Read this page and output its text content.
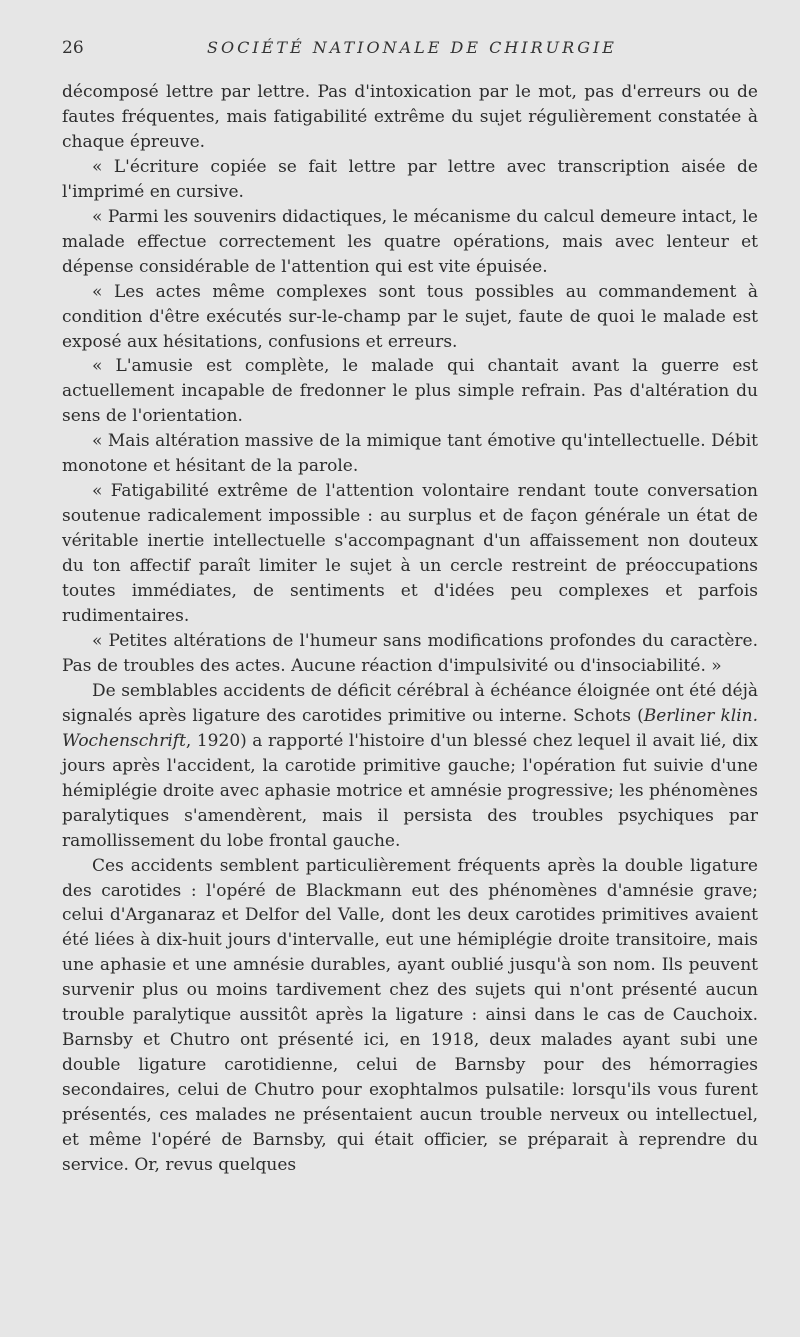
26	SOCIÉTÉ NATIONALE DE CHIRURGIE

décomposé lettre par lettre. Pas d'intoxication par le mot, pas d'erreurs ou de fautes fréquentes, mais fatigabilité extrême du sujet régulièrement constatée à chaque épreuve.

« L'écriture copiée se fait lettre par lettre avec transcription aisée de l'imprimé en cursive.

« Parmi les souvenirs didactiques, le mécanisme du calcul demeure intact, le malade effectue correctement les quatre opérations, mais avec lenteur et dépense considérable de l'attention qui est vite épuisée.

« Les actes même complexes sont tous possibles au commandement à condition d'être exécutés sur-le-champ par le sujet, faute de quoi le malade est exposé aux hésitations, confusions et erreurs.

« L'amusie est complète, le malade qui chantait avant la guerre est actuellement incapable de fredonner le plus simple refrain. Pas d'altération du sens de l'orientation.

« Mais altération massive de la mimique tant émotive qu'intellectuelle. Débit monotone et hésitant de la parole.

« Fatigabilité extrême de l'attention volontaire rendant toute conversation soutenue radicalement impossible : au surplus et de façon générale un état de véritable inertie intellectuelle s'accompagnant d'un affaissement non douteux du ton affectif paraît limiter le sujet à un cercle restreint de préoccupations toutes immédiates, de sentiments et d'idées peu complexes et parfois rudimentaires.

« Petites altérations de l'humeur sans modifications profondes du caractère. Pas de troubles des actes. Aucune réaction d'impulsivité ou d'insociabilité. »

De semblables accidents de déficit cérébral à échéance éloignée ont été déjà signalés après ligature des carotides primitive ou interne. Schots (Berliner klin. Wochenschrift, 1920) a rapporté l'histoire d'un blessé chez lequel il avait lié, dix jours après l'accident, la carotide primitive gauche; l'opération fut suivie d'une hémiplégie droite avec aphasie motrice et amnésie progressive; les phénomènes paralytiques s'amendèrent, mais il persista des troubles psychiques par ramollissement du lobe frontal gauche.

Ces accidents semblent particulièrement fréquents après la double ligature des carotides : l'opéré de Blackmann eut des phénomènes d'amnésie grave; celui d'Arganaraz et Delfor del Valle, dont les deux carotides primitives avaient été liées à dix-huit jours d'intervalle, eut une hémiplégie droite transitoire, mais une aphasie et une amnésie durables, ayant oublié jusqu'à son nom. Ils peuvent survenir plus ou moins tardivement chez des sujets qui n'ont présenté aucun trouble paralytique aussitôt après la ligature : ainsi dans le cas de Cauchoix. Barnsby et Chutro ont présenté ici, en 1918, deux malades ayant subi une double ligature carotidienne, celui de Barnsby pour des hémorragies secondaires, celui de Chutro pour exophtalmos pulsatile: lorsqu'ils vous furent présentés, ces malades ne présentaient aucun trouble nerveux ou intellectuel, et même l'opéré de Barnsby, qui était officier, se préparait à reprendre du service. Or, revus quelques
